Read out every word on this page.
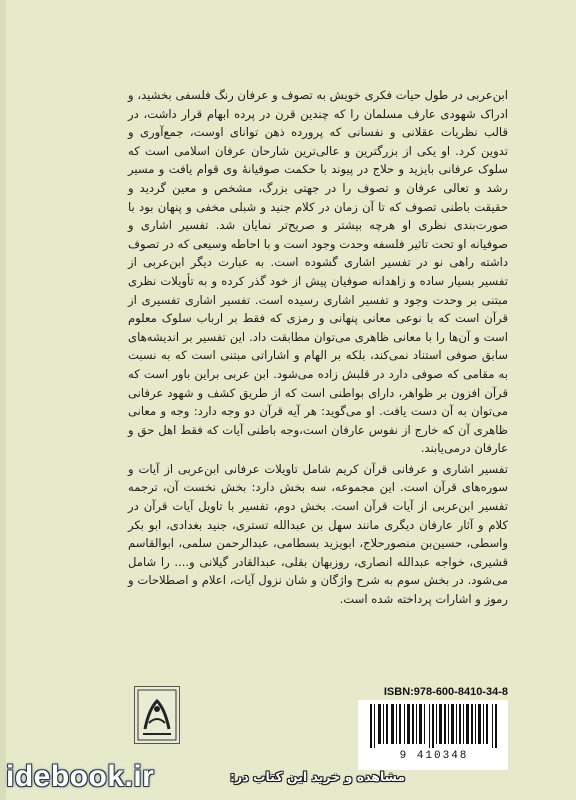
ابن‌عربی در طول حیات فکری خویش به تصوف و عرفان رنگ فلسفی بخشید، و ادراک شهودی عارف مسلمان را که چندین قرن در پرده ابهام قرار داشت، در قالب نظریات عقلانی و نفسانی که پرورده ذهن توانای اوست، جمع‌آوری و تدوین کرد. او یکی از بزرگترین و عالی‌ترین شارحان عرفان اسلامی است که سلوک عرفانی بایزید و حلاج در پیوند با حکمت صوفیانهٔ وی قوام یافت و مسیر رشد و تعالی عرفان و تصوف را در جهتی بزرگ، مشخص و معین گردید و حقیقت باطنی تصوف که تا آن زمان در کلام جنید و شبلی مخفی و پنهان بود با صورت‌بندی نظری او هرچه بیشتر و صریح‌تر نمایان شد. تفسیر اشاری و صوفیانه او تحت تاثیر فلسفه وحدت وجود است و با احاطه وسیعی که در تصوف داشته راهی نو در تفسیر اشاری گشوده است. به عبارت دیگر ابن‌عربی از تفسیر بسیار ساده و زاهدانه صوفیان پیش از خود گذر کرده و به تأویلات نظری مبتنی بر وحدت وجود و تفسیر اشاری رسیده است. تفسیر اشاری تفسیری از قرآن است که با نوعی معانی پنهانی و رمزی که فقط بر ارباب سلوک معلوم است و آن‌ها را با معانی ظاهری می‌توان مطابقت داد. این تفسیر بر اندیشه‌های سابق صوفی استناد نمی‌کند، بلکه بر الهام و اشاراتی مبتنی است که به نسبت به مقامی که صوفی دارد در قلبش زاده می‌شود. ابن عربی براین باور است که قرآن افزون بر ظواهر، دارای بواطنی است که از طریق کشف و شهود عرفانی می‌توان به آن دست یافت. او می‌گوید: هر آیه قرآن دو وجه دارد: وجه و معانی ظاهری آن که خارج از نفوس عارفان است،وجه باطنی آیات که فقط اهل حق و عارفان درمی‌یابند.

تفسیر اشاری و عرفانی قرآن کریم شامل تاویلات عرفانی ابن‌عربی از آیات و سوره‌های قرآن است. این مجموعه، سه بخش دارد: بخش نخست آن، ترجمه تفسیر ابن‌عربی از آیات قرآن است. بخش دوم، تفسیر با تاویل آیات قرآن در کلام و آثار عارفان دیگری مانند سهل بن عبدالله تستری، جنید بغدادی، ابو بکر واسطی، حسین‌بن منصورحلاج، ابویزید بسطامی، عبدالرحمن سلمی، ابوالقاسم قشیری، خواجه عبدالله انصاری، روزبهان بقلی، عبدالقادر گیلانی و.... را شامل می‌شود. در بخش سوم به شرح واژگان و شان نزول آیات، اعلام و اصطلاحات و رموز و اشارات پرداخته شده است.

ISBN:978-600-8410-34-8
9 410348
idebook.ir	مشاهده و خرید این کتاب در:
